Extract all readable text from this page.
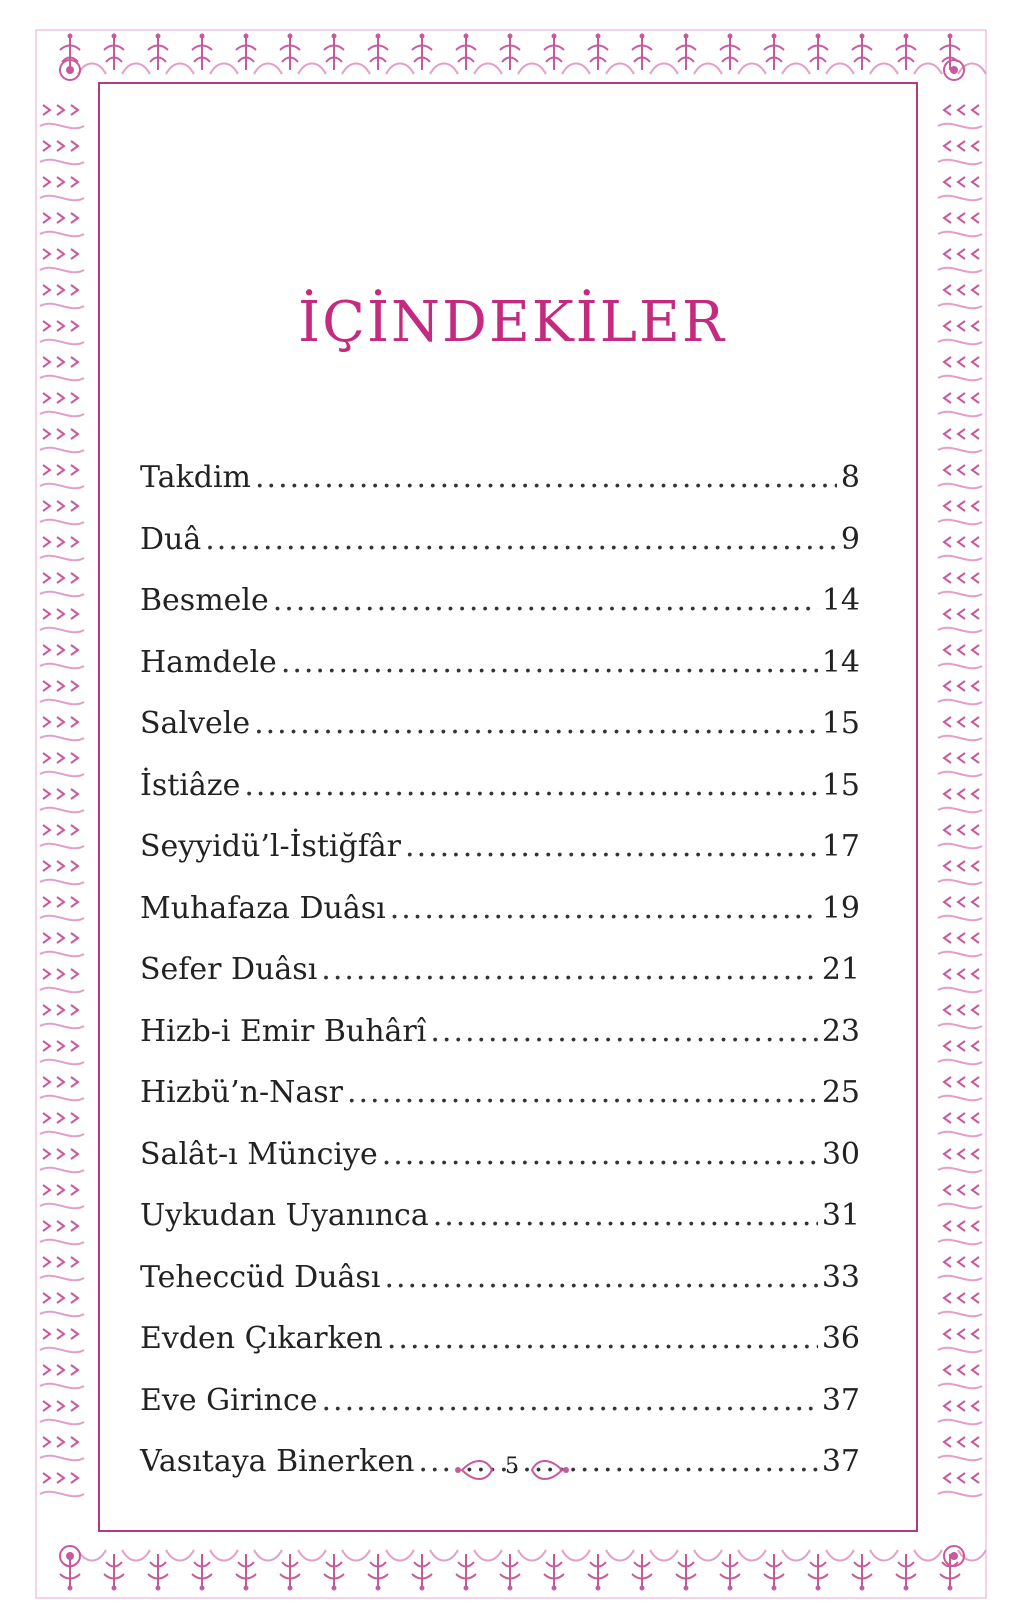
İÇİNDEKİLER
Takdim .....	8
Duâ .....	9
Besmele .....	14
Hamdele .....	14
Salvele .....	15
İstiâze .....	15
Seyyidü’l-İstiğfâr .....	17
Muhafaza Duâsı .....	19
Sefer Duâsı .....	21
Hizb-i Emir Buhârî .....	23
Hizbü’n-Nasr .....	25
Salât-ı Münciye .....	30
Uykudan Uyanınca .....	31
Teheccüd Duâsı .....	33
Evden Çıkarken .....	36
Eve Girince .....	37
Vasıtaya Binerken .....	37
5
